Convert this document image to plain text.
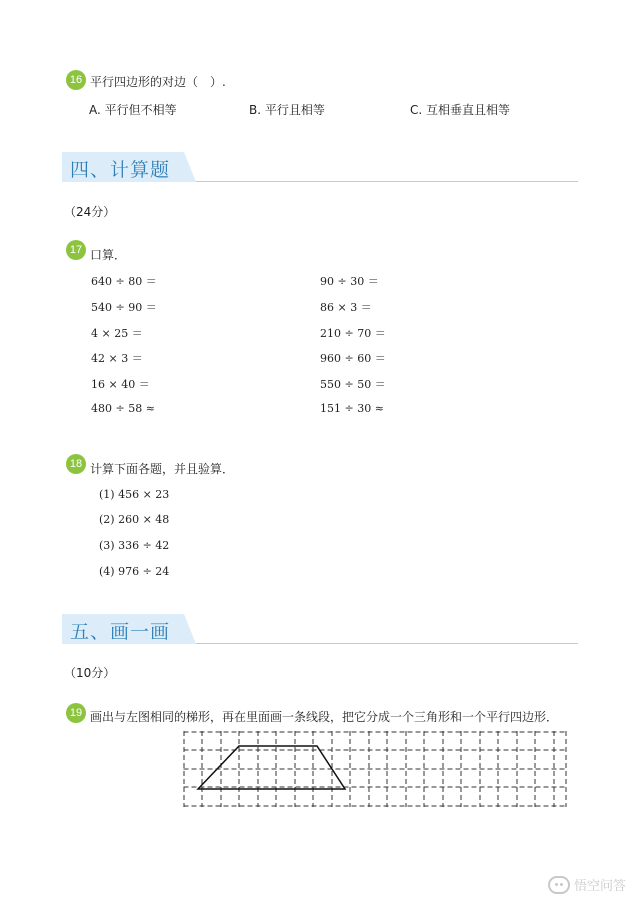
16 平行四边形的对边（　）.
A. 平行但不相等	B. 平行且相等	C. 互相垂直且相等
四、计算题
（24分）
17 口算．
640 ÷ 80 ＝
540 ÷ 90 ＝
4 × 25 ＝
42 × 3 ＝
16 × 40 ＝
480 ÷ 58 ≈
90 ÷ 30 ＝
86 × 3 ＝
210 ÷ 70 ＝
960 ÷ 60 ＝
550 ÷ 50 ＝
151 ÷ 30 ≈
18 计算下面各题，并且验算．
(1) 456 × 23
(2) 260 × 48
(3) 336 ÷ 42
(4) 976 ÷ 24
五、画一画
（10分）
19 画出与左图相同的梯形，再在里面画一条线段，把它分成一个三角形和一个平行四边形．
悟空问答
